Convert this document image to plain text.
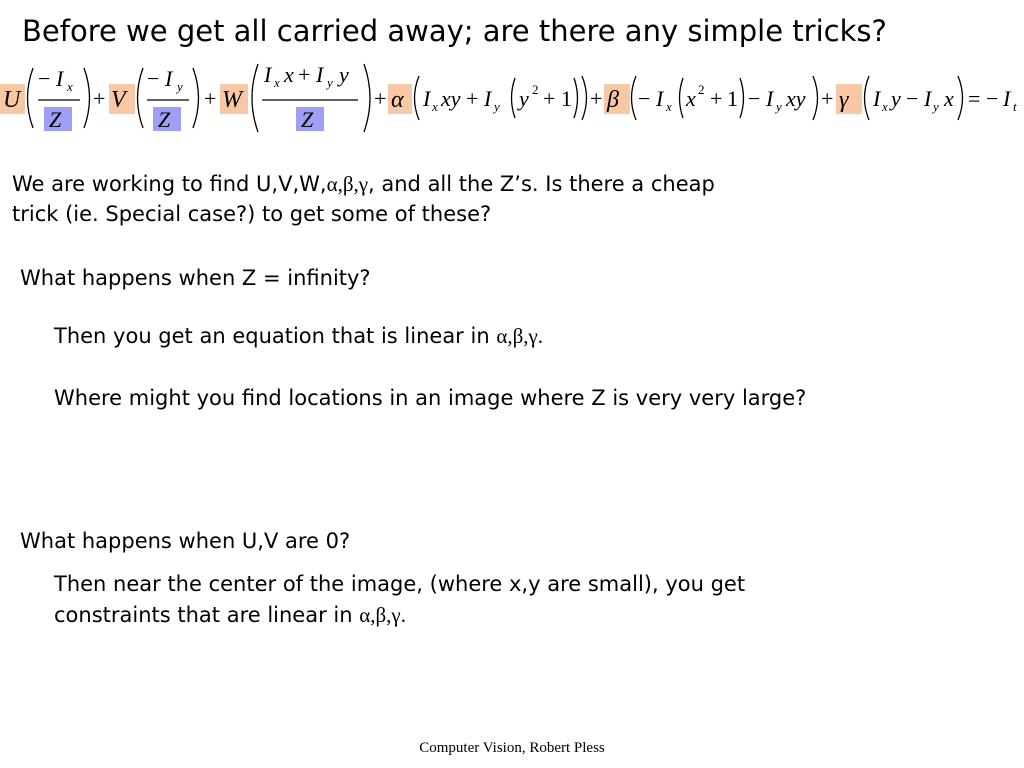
Before we get all carried away; are there any simple tricks?
U
− I x
Z
+ V
− I y
Z
+ W
I x x + I y y
Z
+ α I x xy + I y y 2 + 1 + β − I x x 2 + 1 − I y xy + γ I x y − I y x = − I t
We are working to find U,V,W,α,β,γ, and all the Z’s. Is there a cheap
trick (ie. Special case?) to get some of these?
What happens when Z = infinity?
Then you get an equation that is linear in α,β,γ.
Where might you find locations in an image where Z is very very large?
What happens when U,V are 0?
Then near the center of the image, (where x,y are small), you get
constraints that are linear in α,β,γ.
Computer Vision, Robert Pless
